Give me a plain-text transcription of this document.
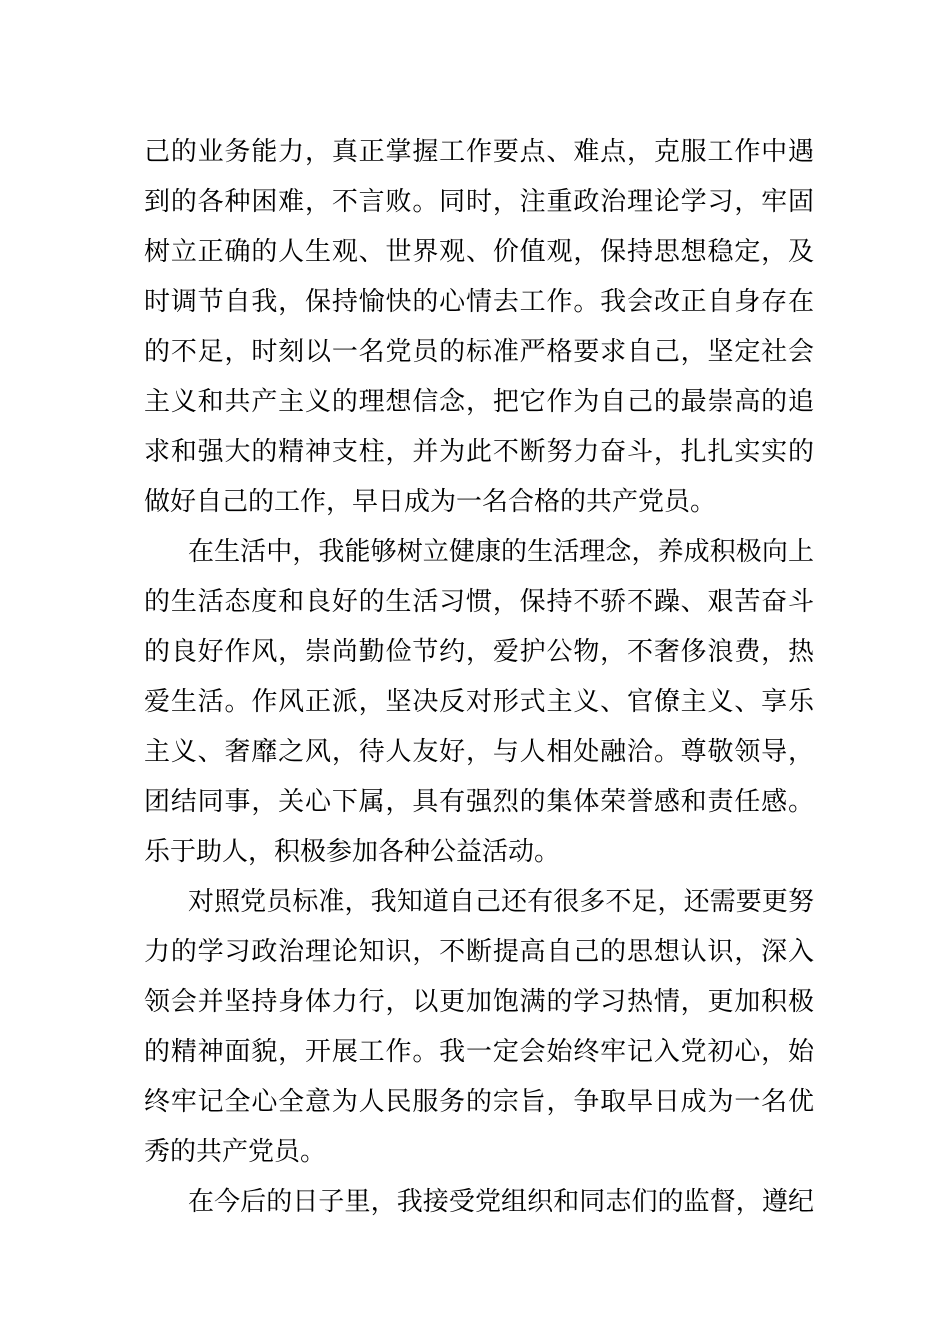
己的业务能力，真正掌握工作要点、难点，克服工作中遇
到的各种困难，不言败。同时，注重政治理论学习，牢固
树立正确的人生观、世界观、价值观，保持思想稳定，及
时调节自我，保持愉快的心情去工作。我会改正自身存在
的不足，时刻以一名党员的标准严格要求自己，坚定社会
主义和共产主义的理想信念，把它作为自己的最崇高的追
求和强大的精神支柱，并为此不断努力奋斗，扎扎实实的
做好自己的工作，早日成为一名合格的共产党员。
在生活中，我能够树立健康的生活理念，养成积极向上
的生活态度和良好的生活习惯，保持不骄不躁、艰苦奋斗
的良好作风，崇尚勤俭节约，爱护公物，不奢侈浪费，热
爱生活。作风正派，坚决反对形式主义、官僚主义、享乐
主义、奢靡之风，待人友好，与人相处融洽。尊敬领导，
团结同事，关心下属，具有强烈的集体荣誉感和责任感。
乐于助人，积极参加各种公益活动。
对照党员标准，我知道自己还有很多不足，还需要更努
力的学习政治理论知识，不断提高自己的思想认识，深入
领会并坚持身体力行，以更加饱满的学习热情，更加积极
的精神面貌，开展工作。我一定会始终牢记入党初心，始
终牢记全心全意为人民服务的宗旨，争取早日成为一名优
秀的共产党员。
在今后的日子里，我接受党组织和同志们的监督，遵纪
